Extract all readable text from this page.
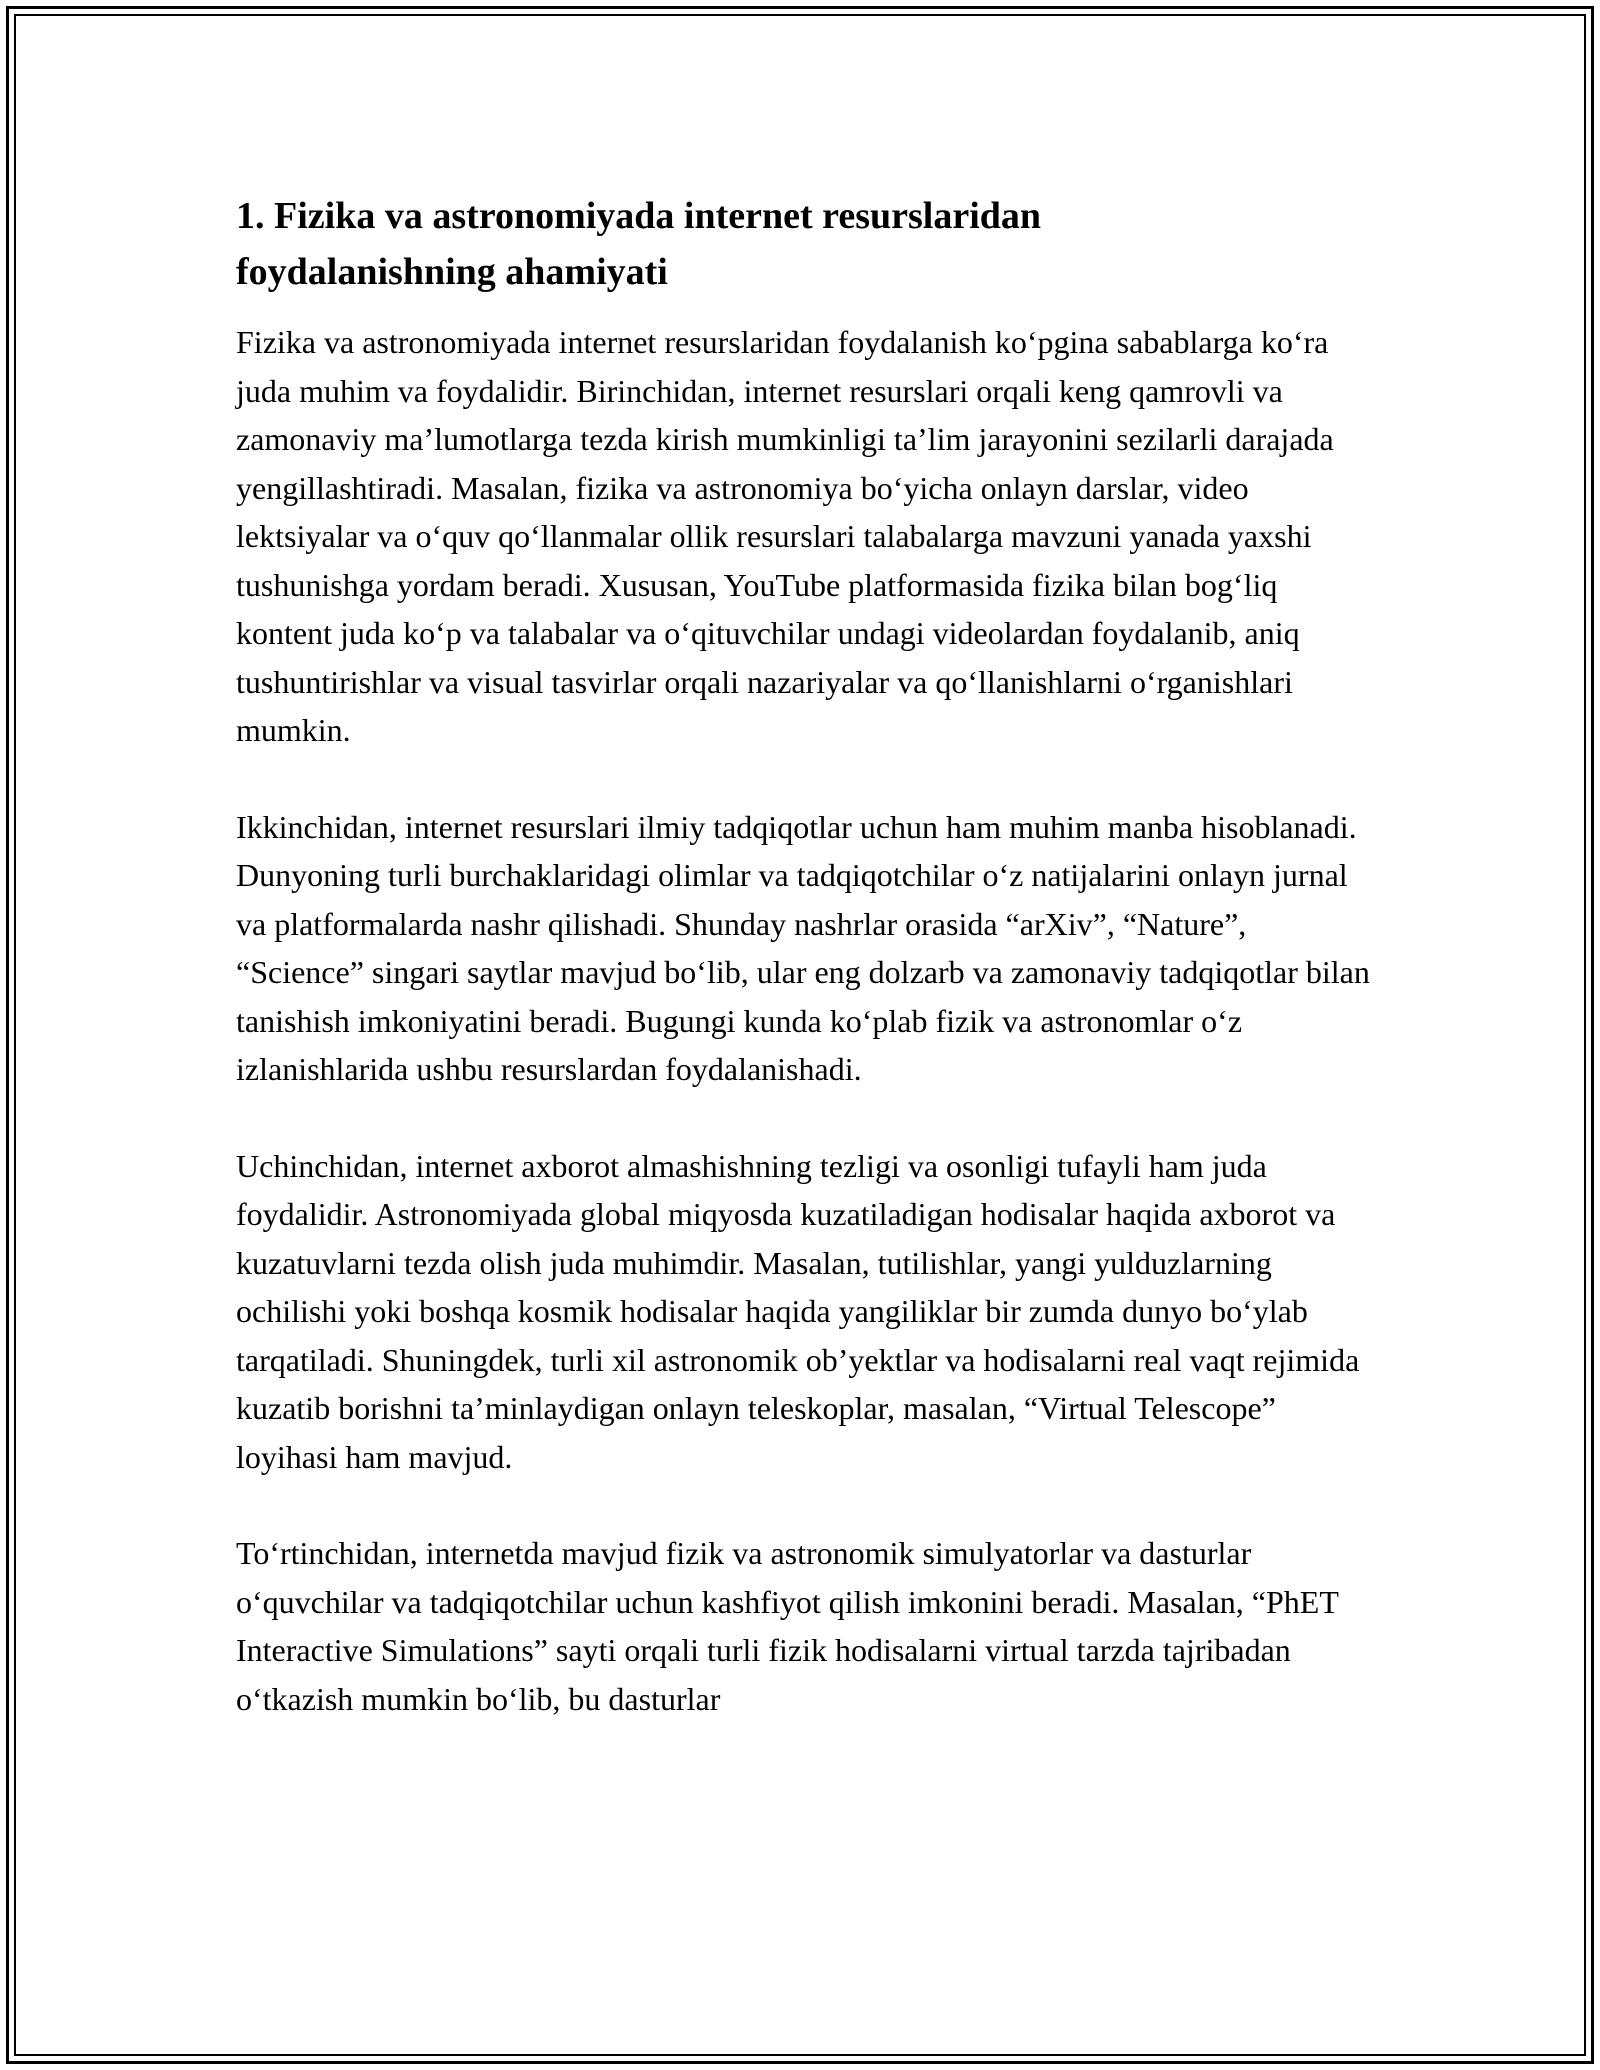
1. Fizika va astronomiyada internet resurslaridan foydalanishning ahamiyati

Fizika va astronomiyada internet resurslaridan foydalanish koʻpgina sabablarga koʻra juda muhim va foydalidir. Birinchidan, internet resurslari orqali keng qamrovli va zamonaviy maʼlumotlarga tezda kirish mumkinligi taʼlim jarayonini sezilarli darajada yengillashtiradi. Masalan, fizika va astronomiya boʻyicha onlayn darslar, video lektsiyalar va oʻquv qoʻllanmalar ollik resurslari talabalarga mavzuni yanada yaxshi tushunishga yordam beradi. Xususan, YouTube platformasida fizika bilan bogʻliq kontent juda koʻp va talabalar va oʻqituvchilar undagi videolardan foydalanib, aniq tushuntirishlar va visual tasvirlar orqali nazariyalar va qoʻllanishlarni oʻrganishlari mumkin.

Ikkinchidan, internet resurslari ilmiy tadqiqotlar uchun ham muhim manba hisoblanadi. Dunyoning turli burchaklaridagi olimlar va tadqiqotchilar oʻz natijalarini onlayn jurnal va platformalarda nashr qilishadi. Shunday nashrlar orasida “arXiv”, “Nature”, “Science” singari saytlar mavjud boʻlib, ular eng dolzarb va zamonaviy tadqiqotlar bilan tanishish imkoniyatini beradi. Bugungi kunda koʻplab fizik va astronomlar oʻz izlanishlarida ushbu resurslardan foydalanishadi.

Uchinchidan, internet axborot almashishning tezligi va osonligi tufayli ham juda foydalidir. Astronomiyada global miqyosda kuzatiladigan hodisalar haqida axborot va kuzatuvlarni tezda olish juda muhimdir. Masalan, tutilishlar, yangi yulduzlarning ochilishi yoki boshqa kosmik hodisalar haqida yangiliklar bir zumda dunyo boʻylab tarqatiladi. Shuningdek, turli xil astronomik obʼyektlar va hodisalarni real vaqt rejimida kuzatib borishni taʼminlaydigan onlayn teleskoplar, masalan, “Virtual Telescope” loyihasi ham mavjud.

Toʻrtinchidan, internetda mavjud fizik va astronomik simulyatorlar va dasturlar oʻquvchilar va tadqiqotchilar uchun kashfiyot qilish imkonini beradi. Masalan, “PhET Interactive Simulations” sayti orqali turli fizik hodisalarni virtual tarzda tajribadan oʻtkazish mumkin boʻlib, bu dasturlar
